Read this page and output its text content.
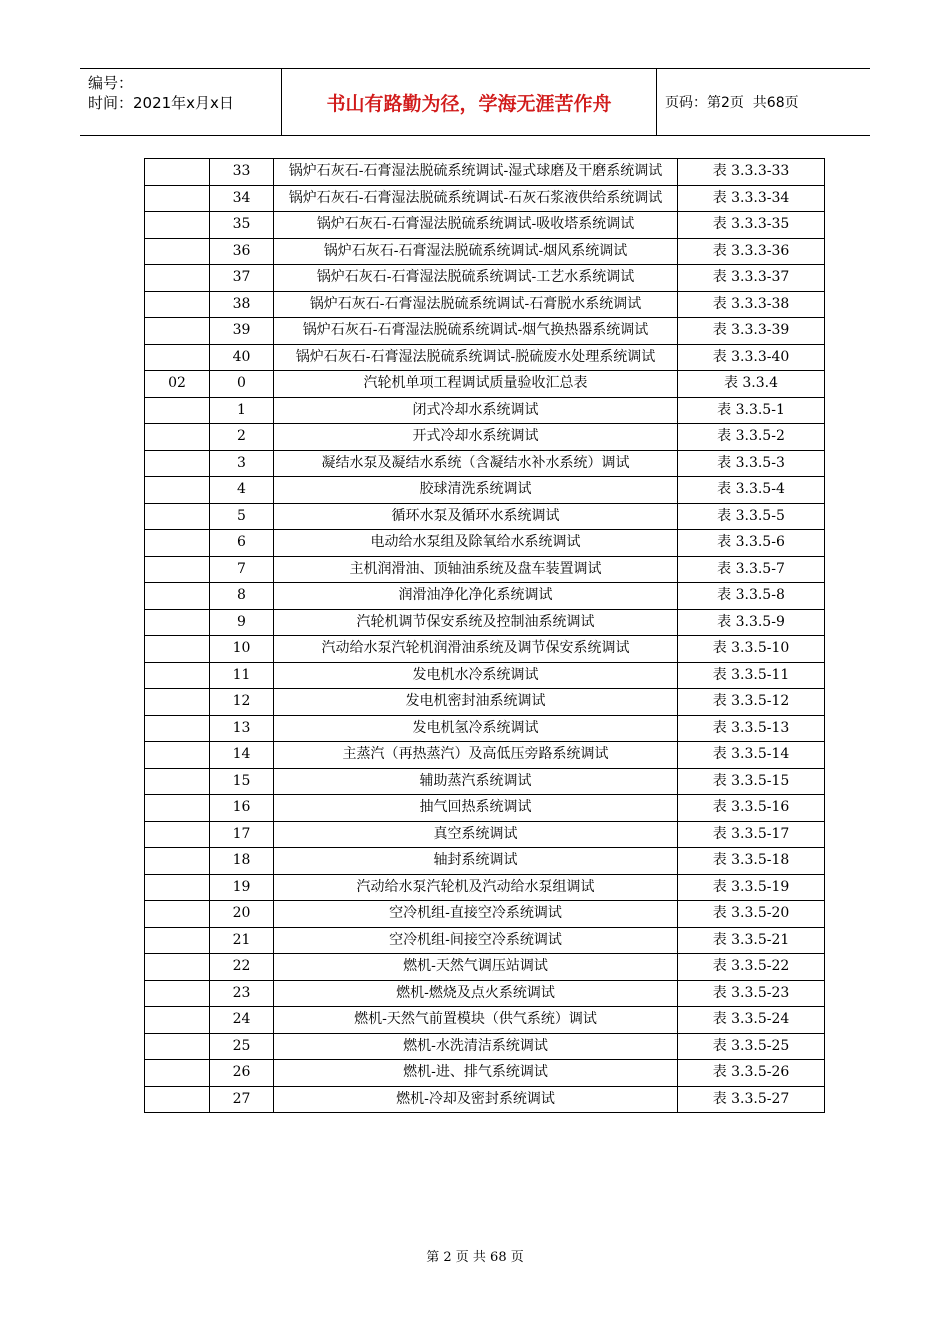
编号：
时间：2021年x月x日	书山有路勤为径，学海无涯苦作舟	页码：第2页  共68页
	33	锅炉石灰石-石膏湿法脱硫系统调试-湿式球磨及干磨系统调试	表 3.3.3-33
	34	锅炉石灰石-石膏湿法脱硫系统调试-石灰石浆液供给系统调试	表 3.3.3-34
	35	锅炉石灰石-石膏湿法脱硫系统调试-吸收塔系统调试	表 3.3.3-35
	36	锅炉石灰石-石膏湿法脱硫系统调试-烟风系统调试	表 3.3.3-36
	37	锅炉石灰石-石膏湿法脱硫系统调试-工艺水系统调试	表 3.3.3-37
	38	锅炉石灰石-石膏湿法脱硫系统调试-石膏脱水系统调试	表 3.3.3-38
	39	锅炉石灰石-石膏湿法脱硫系统调试-烟气换热器系统调试	表 3.3.3-39
	40	锅炉石灰石-石膏湿法脱硫系统调试-脱硫废水处理系统调试	表 3.3.3-40
02	0	汽轮机单项工程调试质量验收汇总表	表 3.3.4
	1	闭式冷却水系统调试	表 3.3.5-1
	2	开式冷却水系统调试	表 3.3.5-2
	3	凝结水泵及凝结水系统（含凝结水补水系统）调试	表 3.3.5-3
	4	胶球清洗系统调试	表 3.3.5-4
	5	循环水泵及循环水系统调试	表 3.3.5-5
	6	电动给水泵组及除氧给水系统调试	表 3.3.5-6
	7	主机润滑油、顶轴油系统及盘车装置调试	表 3.3.5-7
	8	润滑油净化净化系统调试	表 3.3.5-8
	9	汽轮机调节保安系统及控制油系统调试	表 3.3.5-9
	10	汽动给水泵汽轮机润滑油系统及调节保安系统调试	表 3.3.5-10
	11	发电机水冷系统调试	表 3.3.5-11
	12	发电机密封油系统调试	表 3.3.5-12
	13	发电机氢冷系统调试	表 3.3.5-13
	14	主蒸汽（再热蒸汽）及高低压旁路系统调试	表 3.3.5-14
	15	辅助蒸汽系统调试	表 3.3.5-15
	16	抽气回热系统调试	表 3.3.5-16
	17	真空系统调试	表 3.3.5-17
	18	轴封系统调试	表 3.3.5-18
	19	汽动给水泵汽轮机及汽动给水泵组调试	表 3.3.5-19
	20	空冷机组-直接空冷系统调试	表 3.3.5-20
	21	空冷机组-间接空冷系统调试	表 3.3.5-21
	22	燃机-天然气调压站调试	表 3.3.5-22
	23	燃机-燃烧及点火系统调试	表 3.3.5-23
	24	燃机-天然气前置模块（供气系统）调试	表 3.3.5-24
	25	燃机-水洗清洁系统调试	表 3.3.5-25
	26	燃机-进、排气系统调试	表 3.3.5-26
	27	燃机-冷却及密封系统调试	表 3.3.5-27
第 2 页 共 68 页
